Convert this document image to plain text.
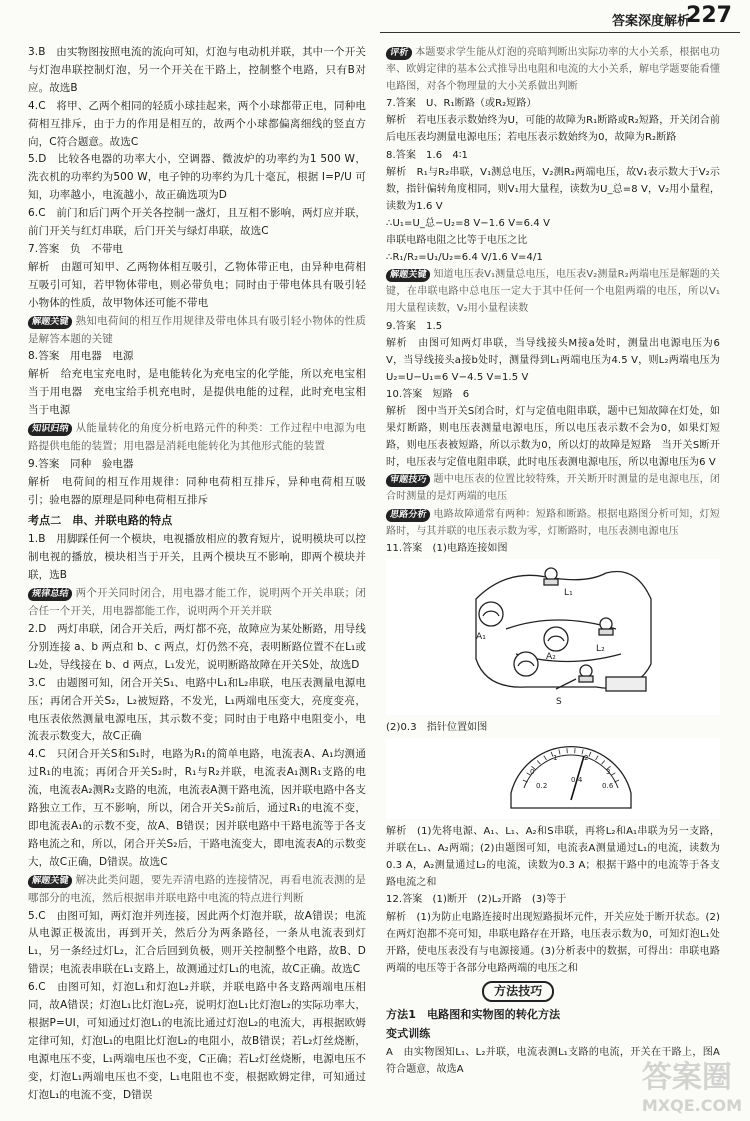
答案深度解析
227
3.B　由实物图按照电流的流向可知，灯泡与电动机并联，其中一个开关与灯泡串联控制灯泡，另一个开关在干路上，控制整个电路，只有B对应。故选B
4.C　将甲、乙两个相同的轻质小球挂起来，两个小球都带正电，同种电荷相互排斥，由于力的作用是相互的，故两个小球都偏离细线的竖直方向，C符合题意。故选C
5.D　比较各电器的功率大小，空调器、微波炉的功率约为1 500 W，洗衣机的功率约为500 W，电子钟的功率约为几十毫瓦，根据 I=P/U 可知，功率越小，电流越小，故正确选项为D
6.C　前门和后门两个开关各控制一盏灯，且互相不影响，两灯应并联，前门开关与红灯串联，后门开关与绿灯串联，故选C
7.答案　负　不带电
解析　由题可知甲、乙两物体相互吸引，乙物体带正电，由异种电荷相互吸引可知，若甲物体带电，则必带负电；同时由于带电体具有吸引轻小物体的性质，故甲物体还可能不带电
解题关键 熟知电荷间的相互作用规律及带电体具有吸引轻小物体的性质是解答本题的关键
8.答案　用电器　电源
解析　给充电宝充电时，是电能转化为充电宝的化学能，所以充电宝相当于用电器　充电宝给手机充电时，是提供电能的过程，此时充电宝相当于电源
知识归纳 从能量转化的角度分析电路元件的种类：工作过程中电源为电路提供电能的装置；用电器是消耗电能转化为其他形式能的装置
9.答案　同种　验电器
解析　电荷间的相互作用规律：同种电荷相互排斥，异种电荷相互吸引；验电器的原理是同种电荷相互排斥
考点二　串、并联电路的特点
1.B　用脚踩任何一个模块，电视播放相应的教育短片，说明模块可以控制电视的播放，模块相当于开关，且两个模块互不影响，即两个模块并联，选B
规律总结 两个开关同时闭合，用电器才能工作，说明两个开关串联；闭合任一个开关，用电器都能工作，说明两个开关并联
2.D　两灯串联，闭合开关后，两灯都不亮，故障应为某处断路，用导线分别连接 a、b 两点和 b、c 两点，灯仍然不亮，表明断路位置不在L₁或L₂处，导线接在 b、d 两点，L₁发光，说明断路故障在开关S处，故选D
3.C　由题图可知，闭合开关S₁、电路中L₁和L₂串联，电压表测量电源电压；再闭合开关S₂，L₂被短路，不发光，L₁两端电压变大，亮度变亮，电压表依然测量电源电压，其示数不变；同时由于电路中电阻变小，电流表示数变大，故C正确
4.C　只闭合开关S和S₁时，电路为R₁的简单电路，电流表A、A₁均测通过R₁的电流；再闭合开关S₂时，R₁与R₂并联，电流表A₁测R₁支路的电流，电流表A₂测R₂支路的电流，电流表A测干路电流，因并联电路中各支路独立工作，互不影响，所以，闭合开关S₂前后，通过R₁的电流不变，即电流表A₁的示数不变，故A、B错误；因并联电路中干路电流等于各支路电流之和，所以，闭合开关S₂后，干路电流变大，即电流表A的示数变大，故C正确，D错误。故选C
解题关键 解决此类问题，要先弄清电路的连接情况，再看电流表测的是哪部分的电流，然后根据串并联电路中电流的特点进行判断
5.C　由图可知，两灯泡并列连接，因此两个灯泡并联，故A错误；电流从电源正极流出，再到开关，然后分为两条路径，一条从电流表到灯L₁，另一条经过灯L₂，汇合后回到负极，则开关控制整个电路，故B、D错误；电流表串联在L₁支路上，故测通过灯L₁的电流，故C正确。故选C
6.C　由图可知，灯泡L₁和灯泡L₂并联，并联电路中各支路两端电压相同，故A错误；灯泡L₁比灯泡L₂亮，说明灯泡L₁比灯泡L₂的实际功率大，根据P=UI，可知通过灯泡L₁的电流比通过灯泡L₂的电流大，再根据欧姆定律可知，灯泡L₁的电阻比灯泡L₂的电阻小，故B错误；若L₂灯丝烧断，电源电压不变，L₁两端电压也不变，C正确；若L₂灯丝烧断，电源电压不变，灯泡L₁两端电压也不变，L₁电阻也不变，根据欧姆定律，可知通过灯泡L₁的电流不变，D错误
评析 本题要求学生能从灯泡的亮暗判断出实际功率的大小关系，根据电功率、欧姆定律的基本公式推导出电阻和电流的大小关系，解电学题要能看懂电路图，对各个物理量的大小关系做出判断
7.答案　U、R₁断路（或R₂短路）
解析　若电压表示数始终为U，可能的故障为R₁断路或R₂短路，开关闭合前后电压表均测量电源电压；若电压表示数始终为0，故障为R₂断路
8.答案　1.6　4∶1
解析　R₁与R₂串联，V₁测总电压，V₂测R₂两端电压，故V₁表示数大于V₂示数，指针偏转角度相同，则V₁用大量程，读数为U_总=8 V，V₂用小量程，读数为1.6 V
∴U₁=U_总−U₂=8 V−1.6 V=6.4 V
串联电路电阻之比等于电压之比
∴R₁/R₂=U₁/U₂=6.4 V/1.6 V=4/1
解题关键 知道电压表V₁测量总电压，电压表V₂测量R₂两端电压是解题的关键，在串联电路中总电压一定大于其中任何一个电阻两端的电压，所以V₁用大量程读数，V₂用小量程读数
9.答案　1.5
解析　由图可知两灯串联，当导线接头M接a处时，测量出电源电压为6 V，当导线接头a接b处时，测量得到L₁两端电压为4.5 V，则L₂两端电压为U₂=U−U₁=6 V−4.5 V=1.5 V
10.答案　短路　6
解析　图中当开关S闭合时，灯与定值电阻串联，题中已知故障在灯处，如果灯断路，则电压表测量电源电压，所以电压表示数不会为0，如果灯短路，则电压表被短路，所以示数为0，所以灯的故障是短路　当开关S断开时，电压表与定值电阻串联，此时电压表测电源电压，所以电源电压为6 V
审题技巧 题中电压表的位置比较特殊，开关断开时测量的是电源电压，闭合时测量的是灯两端的电压
思路分析 电路故障通常有两种：短路和断路。根据电路图分析可知，灯短路时，与其并联的电压表示数为零，灯断路时，电压表测电源电压
11.答案　(1)电路连接如图
A₁
A₂
L₁
L₂
S
(2)0.3　指针位置如图
0
1	2
3
0.2
0.4
0.6
解析　(1)先将电源、A₁、L₁、A₂和S串联，再将L₂和A₁串联为另一支路，并联在L₁、A₂两端；(2)由题图可知，电流表A测量通过L₁的电流，读数为0.3 A，A₂测量通过L₂的电流，读数为0.3 A；根据干路中的电流等于各支路电流之和
12.答案　(1)断开　(2)L₂开路　(3)等于
解析　(1)为防止电路连接时出现短路损坏元件，开关应处于断开状态。(2)在两灯泡都不亮可知，串联电路存在开路，电压表示数为0，可知灯泡L₁处开路，使电压表没有与电源接通。(3)分析表中的数据，可得出：串联电路两端的电压等于各部分电路两端的电压之和
方法技巧
方法1　电路图和实物图的转化方法
变式训练
A　由实物图知L₁、L₂并联，电流表测L₁支路的电流，开关在干路上，图A符合题意，故选A	答案圈
MXQE.COM
